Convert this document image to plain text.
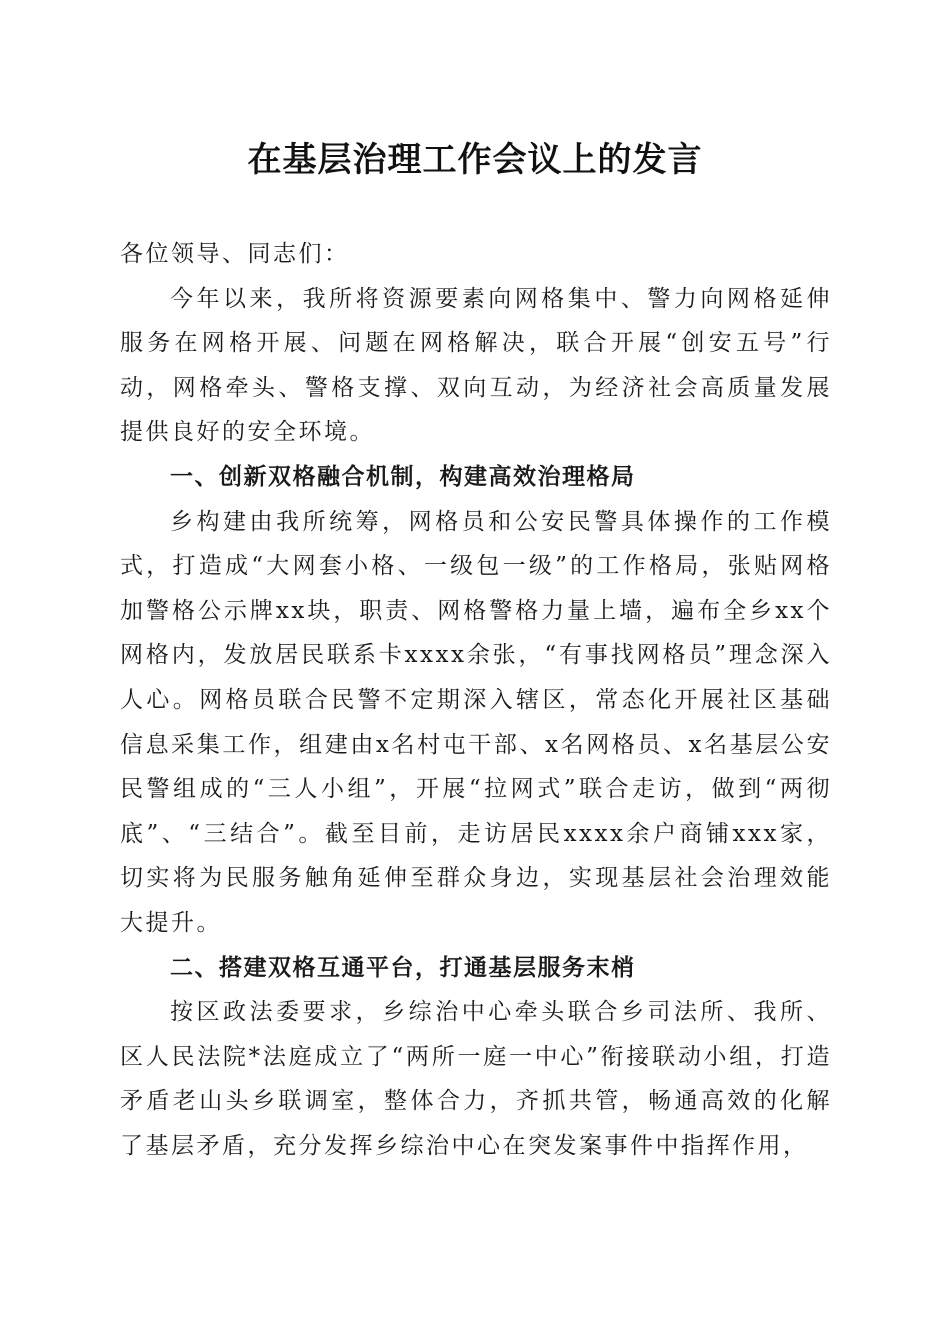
在基层治理工作会议上的发言

各位领导、同志们：

今年以来，我所将资源要素向网格集中、警力向网格延伸服务在网格开展、问题在网格解决，联合开展“创安五号”行动，网格牵头、警格支撑、双向互动，为经济社会高质量发展提供良好的安全环境。

一、创新双格融合机制，构建高效治理格局

乡构建由我所统筹，网格员和公安民警具体操作的工作模式，打造成“大网套小格、一级包一级”的工作格局，张贴网格加警格公示牌xx块，职责、网格警格力量上墙，遍布全乡xx个网格内，发放居民联系卡xxxx余张，“有事找网格员”理念深入人心。网格员联合民警不定期深入辖区，常态化开展社区基础信息采集工作，组建由x名村屯干部、x名网格员、x名基层公安民警组成的“三人小组”，开展“拉网式”联合走访，做到“两彻底”、“三结合”。截至目前，走访居民xxxx余户商铺xxx家，切实将为民服务触角延伸至群众身边，实现基层社会治理效能大提升。

二、搭建双格互通平台，打通基层服务末梢

按区政法委要求，乡综治中心牵头联合乡司法所、我所、区人民法院*法庭成立了“两所一庭一中心”衔接联动小组，打造矛盾老山头乡联调室，整体合力，齐抓共管，畅通高效的化解了基层矛盾，充分发挥乡综治中心在突发案事件中指挥作用，
